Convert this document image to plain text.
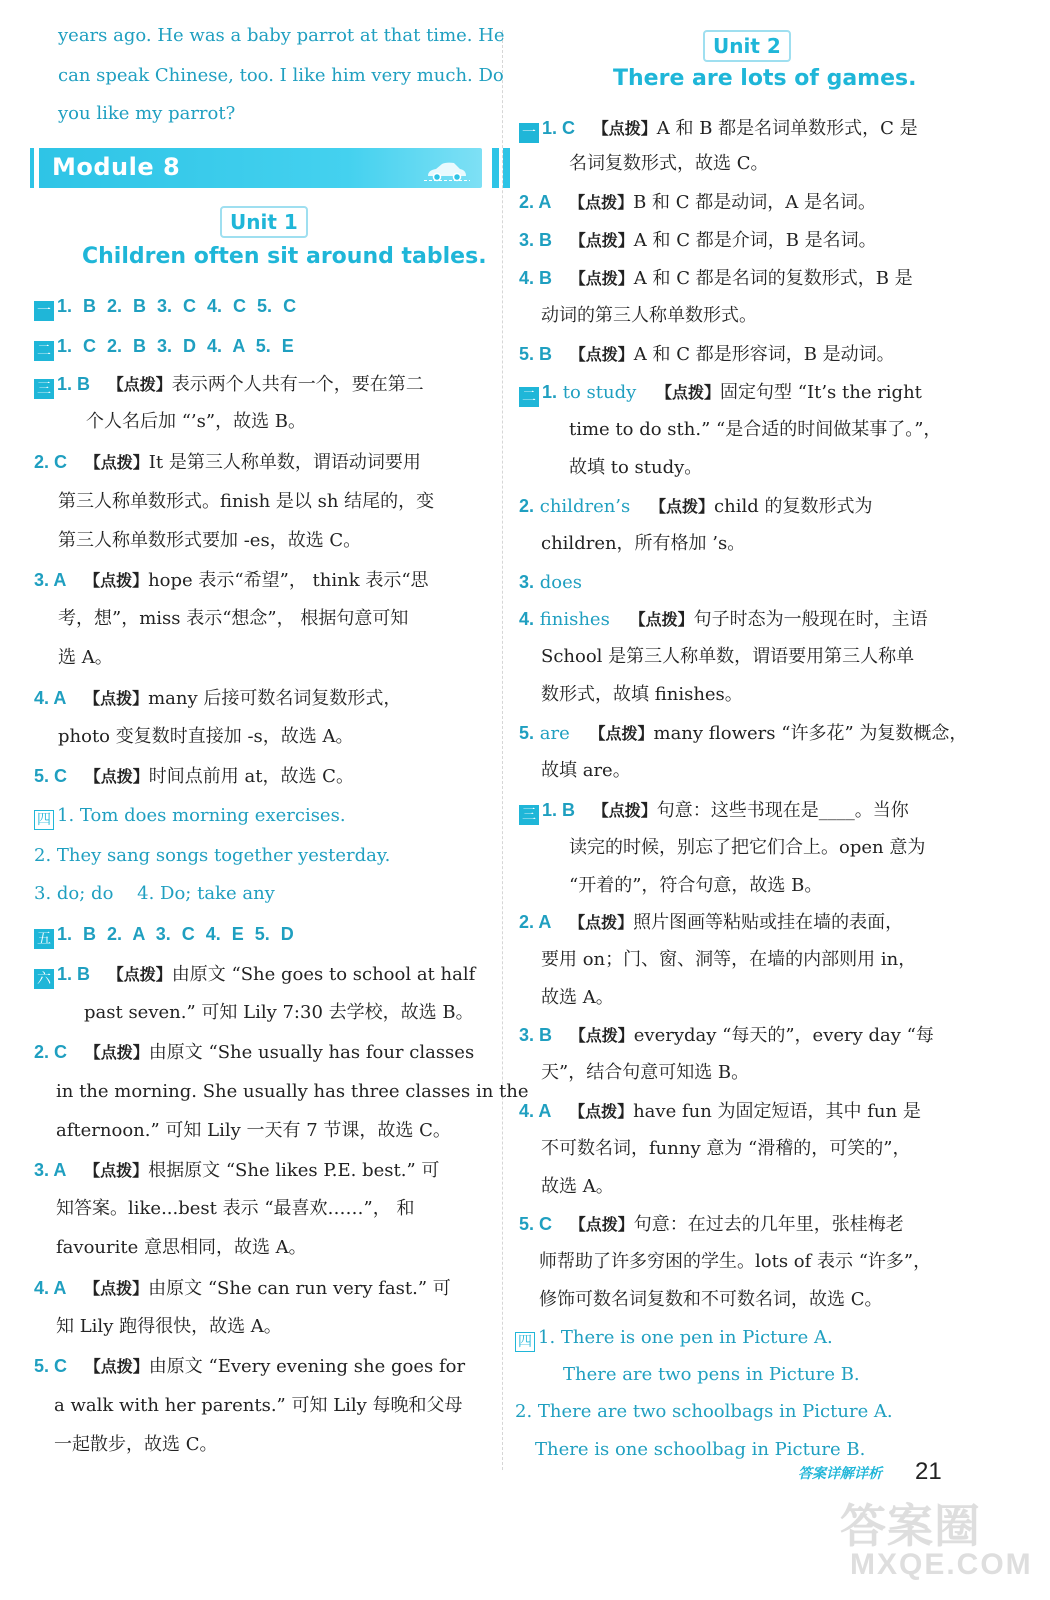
years ago. He was a baby parrot at that time. He
can speak Chinese, too. I like him very much. Do
you like my parrot?
Module 8
Unit 1
Children often sit around tables.
一 1. B 2. B 3. C 4. C 5. C
二 1. C 2. B 3. D 4. A 5. E
三 1. B 【点拨】表示两个人共有一个，要在第二
个人名后加 “’s”，故选 B。
2. C 【点拨】It 是第三人称单数，谓语动词要用
第三人称单数形式。finish 是以 sh 结尾的，变
第三人称单数形式要加 -es，故选 C。
3. A 【点拨】hope 表示“希望”， think 表示“思
考，想”，miss 表示“想念”， 根据句意可知
选 A。
4. A 【点拨】many 后接可数名词复数形式，
photo 变复数时直接加 -s，故选 A。
5. C 【点拨】时间点前用 at，故选 C。
四 1. Tom does morning exercises.
2. They sang songs together yesterday.
3. do; do 4. Do; take any
五 1. B 2. A 3. C 4. E 5. D
六 1. B 【点拨】由原文 “She goes to school at half
past seven.” 可知 Lily 7:30 去学校，故选 B。
2. C 【点拨】由原文 “She usually has four classes
in the morning. She usually has three classes in the
afternoon.” 可知 Lily 一天有 7 节课，故选 C。
3. A 【点拨】根据原文 “She likes P.E. best.” 可
知答案。like...best 表示 “最喜欢……”， 和
favourite 意思相同，故选 A。
4. A 【点拨】由原文 “She can run very fast.” 可
知 Lily 跑得很快，故选 A。
5. C 【点拨】由原文 “Every evening she goes for
a walk with her parents.” 可知 Lily 每晚和父母
一起散步，故选 C。
Unit 2
There are lots of games.
一 1. C 【点拨】A 和 B 都是名词单数形式，C 是
名词复数形式，故选 C。
2. A 【点拨】B 和 C 都是动词，A 是名词。
3. B 【点拨】A 和 C 都是介词，B 是名词。
4. B 【点拨】A 和 C 都是名词的复数形式，B 是
动词的第三人称单数形式。
5. B 【点拨】A 和 C 都是形容词，B 是动词。
二 1. to study 【点拨】固定句型 “It’s the right
time to do sth.” “是合适的时间做某事了。”，
故填 to study。
2. children’s 【点拨】child 的复数形式为
children，所有格加 ’s。
3. does
4. finishes 【点拨】句子时态为一般现在时，主语
School 是第三人称单数，谓语要用第三人称单
数形式，故填 finishes。
5. are 【点拨】many flowers “许多花” 为复数概念，
故填 are。
三 1. B 【点拨】句意：这些书现在是____。当你
读完的时候，别忘了把它们合上。open 意为
“开着的”，符合句意，故选 B。
2. A 【点拨】照片图画等粘贴或挂在墙的表面，
要用 on；门、窗、洞等，在墙的内部则用 in，
故选 A。
3. B 【点拨】everyday “每天的”，every day “每
天”，结合句意可知选 B。
4. A 【点拨】have fun 为固定短语，其中 fun 是
不可数名词，funny 意为 “滑稽的，可笑的”，
故选 A。
5. C 【点拨】句意：在过去的几年里，张桂梅老
师帮助了许多穷困的学生。lots of 表示 “许多”，
修饰可数名词复数和不可数名词，故选 C。
四 1. There is one pen in Picture A.
There are two pens in Picture B.
2. There are two schoolbags in Picture A.
There is one schoolbag in Picture B.
答案详解详析 21
答案圈
MXQE.COM
